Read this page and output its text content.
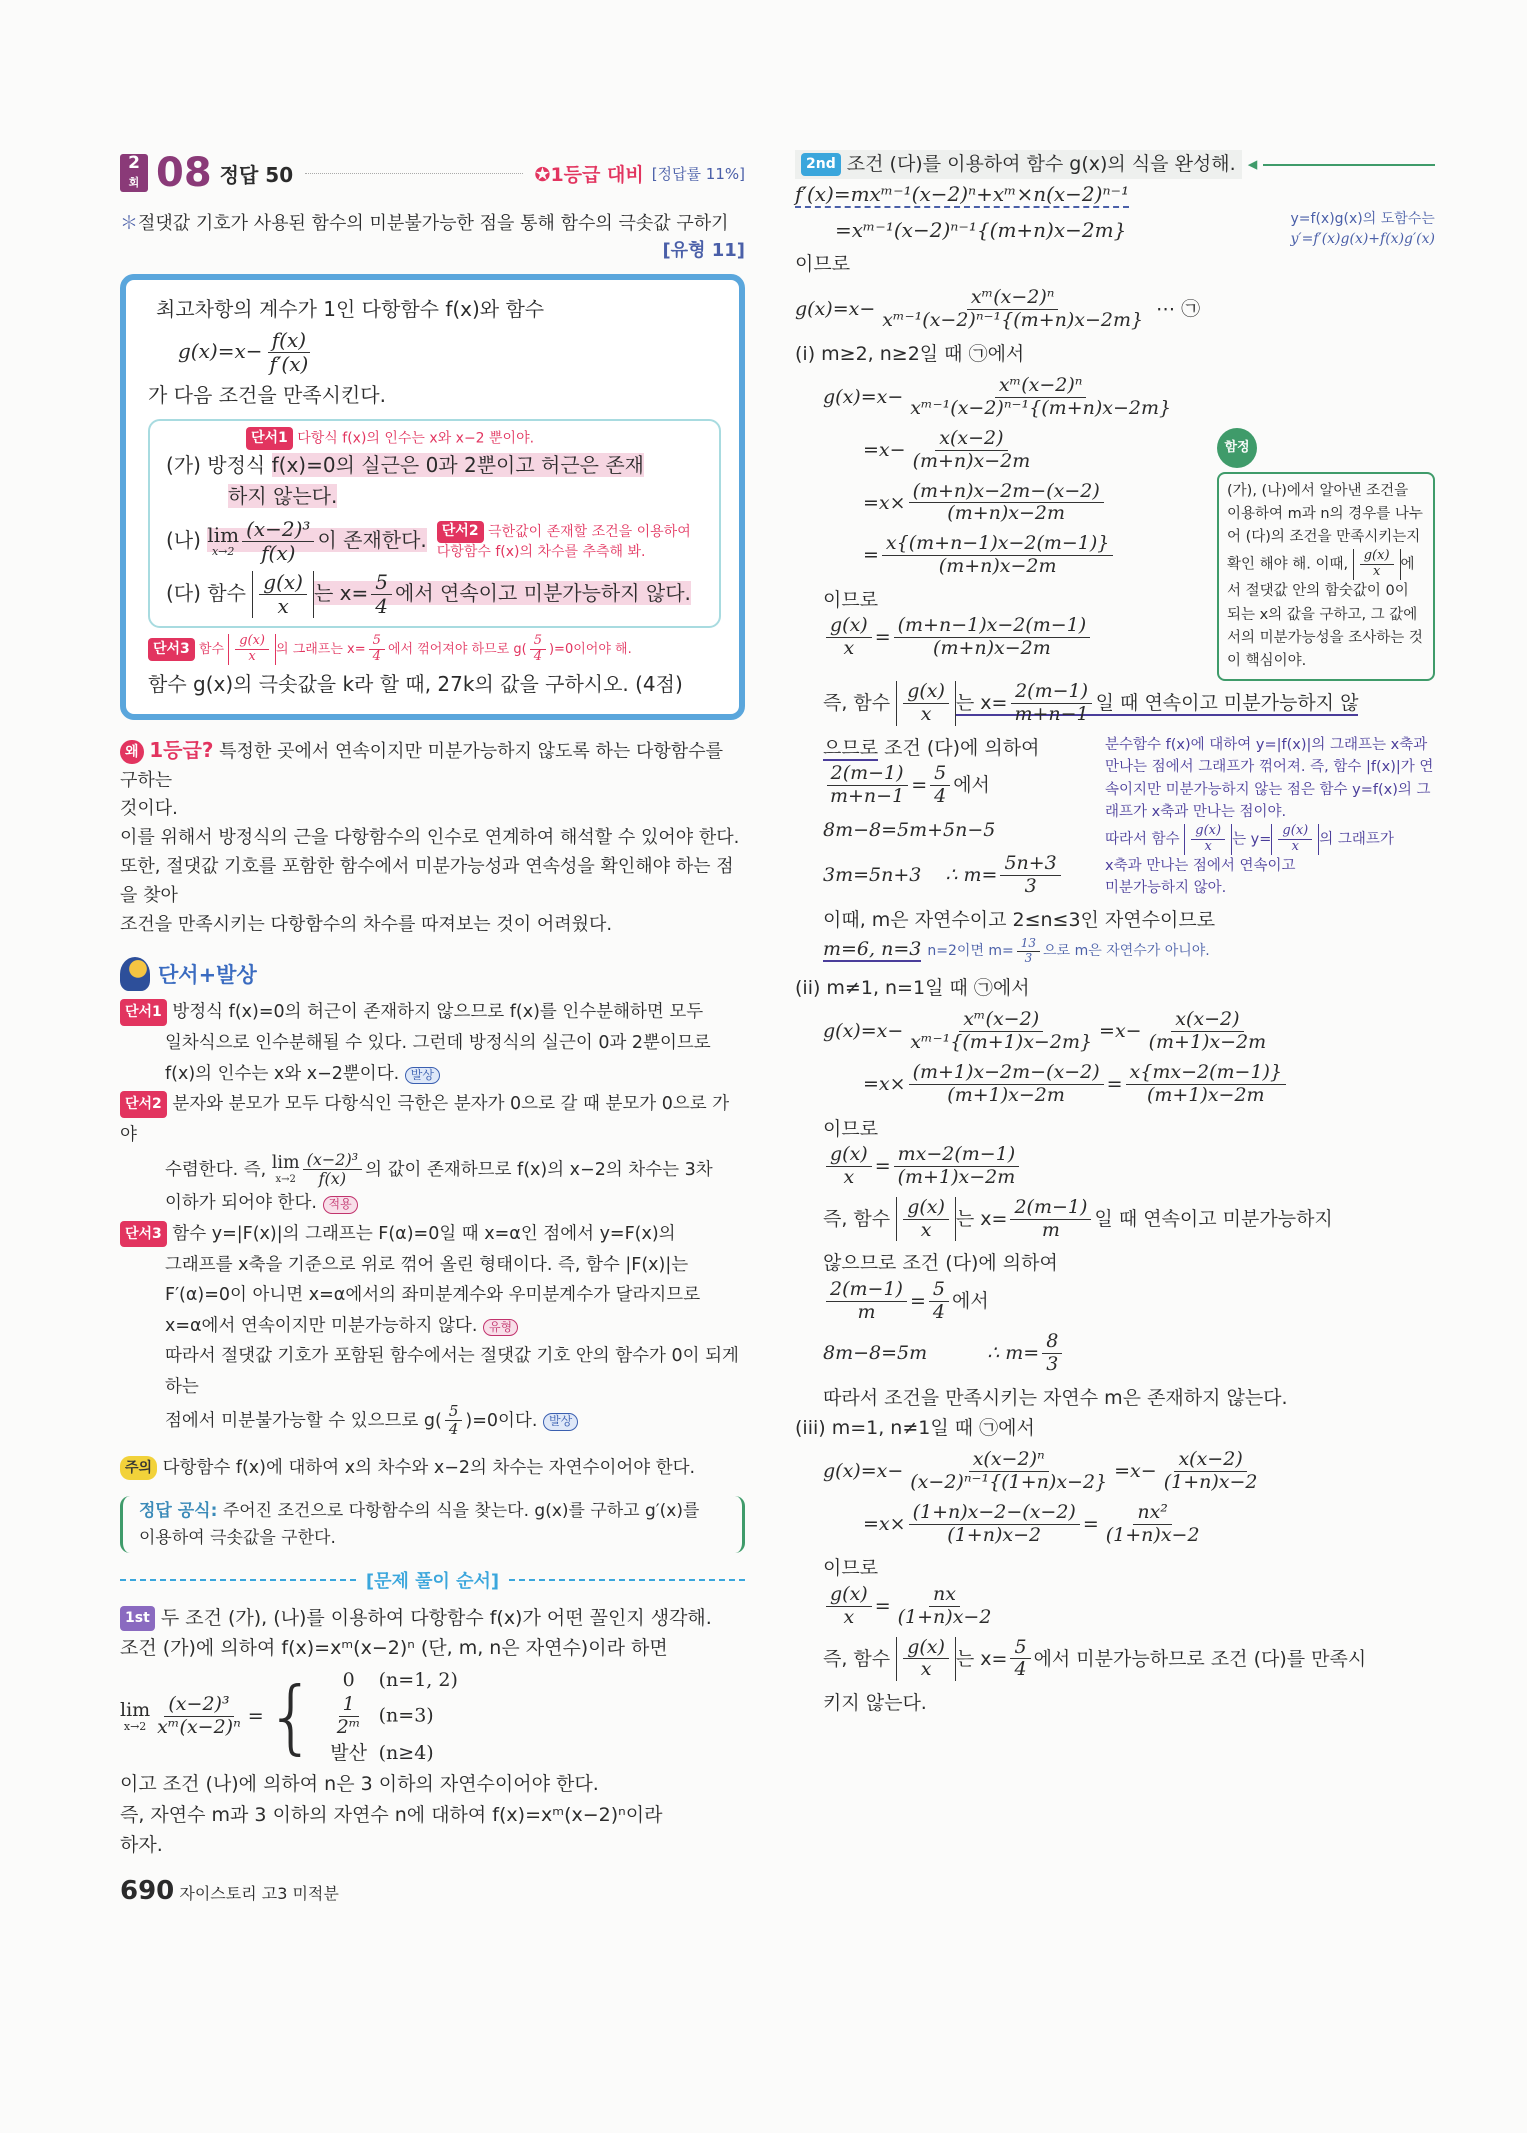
2
회 08 정답 50	✪1등급 대비 [정답률 11%]
＊절댓값 기호가 사용된 함수의 미분불가능한 점을 통해 함수의 극솟값 구하기
[유형 11]
최고차항의 계수가 1인 다항함수 f(x)와 함수
$g(x)=x- \frac{f(x)}{f'(x)}$
가 다음 조건을 만족시킨다.
단서1 다항식 f(x)의 인수는 x와 x−2 뿐이야.
(가) 방정식 f(x)=0의 실근은 0과 2뿐이고 허근은 존재
하지 않는다.
(나) lim
$x\to 2 \frac{\text{(x−2)³}}{f(x)}$ 이 존재한다.	단서2 극한값이 존재할 조건을 이용하여
다항함수 f(x)의 차수를 추측해 봐.
(다) 함수 $\frac{g(x)}{x}$ 는 $x= \frac{5}{4}$ 에서 연속이고 미분가능하지 않다.
단서3 함수 $\frac{g(x)}{x}$ 의 그래프는 $x= \frac{5}{4}$ 에서 꺾어져야 하므로 $g( \frac{5}{4} )=0$이어야 해.
함수 g(x)의 극솟값을 k라 할 때, 27k의 값을 구하시오. (4점)
왜 1등급? 특정한 곳에서 연속이지만 미분가능하지 않도록 하는 다항함수를 구하는
것이다.
이를 위해서 방정식의 근을 다항함수의 인수로 연계하여 해석할 수 있어야 한다.
또한, 절댓값 기호를 포함한 함수에서 미분가능성과 연속성을 확인해야 하는 점을 찾아
조건을 만족시키는 다항함수의 차수를 따져보는 것이 어려웠다.
단서+발상
단서1 방정식 f(x)=0의 허근이 존재하지 않으므로 f(x)를 인수분해하면 모두
일차식으로 인수분해될 수 있다. 그런데 방정식의 실근이 0과 2뿐이므로
f(x)의 인수는 x와 x−2뿐이다. 발상
단서2 분자와 분모가 모두 다항식인 극한은 분자가 0으로 갈 때 분모가 0으로 가야
수렴한다. 즉, lim
$x\to 2 \frac{\text{(x−2)³}}{f(x)}$ 의 값이 존재하므로 f(x)의 x−2의 차수는 3차
이하가 되어야 한다. 적용
단서3 함수 y=|F(x)|의 그래프는 F(α)=0일 때 x=α인 점에서 y=F(x)의
그래프를 x축을 기준으로 위로 꺾어 올린 형태이다. 즉, 함수 |F(x)|는
F′(α)=0이 아니면 x=α에서의 좌미분계수와 우미분계수가 달라지므로
x=α에서 연속이지만 미분가능하지 않다. 유형
따라서 절댓값 기호가 포함된 함수에서는 절댓값 기호 안의 함수가 0이 되게 하는
점에서 미분불가능할 수 있으므로 $g( \frac{5}{4} )=0$이다. 발상
주의 다항함수 f(x)에 대하여 x의 차수와 x−2의 차수는 자연수이어야 한다.
정답 공식: 주어진 조건으로 다항함수의 식을 찾는다. g(x)를 구하고 g′(x)를
이용하여 극솟값을 구한다.
[문제 풀이 순서]
1st 두 조건 (가), (나)를 이용하여 다항함수 f(x)가 어떤 꼴인지 생각해.
조건 (가)에 의하여 f(x)=xᵐ(x−2)ⁿ (단, m, n은 자연수)이라 하면
lim
$x\to 2 \frac{\text{(x−2)³}}{\text{xᵐ(x−2)ⁿ}}$ = {	0 (n=1, 2)
$\frac{1}{\text{2ᵐ}} (n=3)$
발산 (n≥4)
이고 조건 (나)에 의하여 n은 3 이하의 자연수이어야 한다.
즉, 자연수 m과 3 이하의 자연수 n에 대하여 f(x)=xᵐ(x−2)ⁿ이라
하자.
690 자이스토리 고3 미적분
2nd 조건 (다)를 이용하여 함수 g(x)의 식을 완성해. ◂
f′(x)=mxᵐ⁻¹(x−2)ⁿ+xᵐ×n(x−2)ⁿ⁻¹
=xᵐ⁻¹(x−2)ⁿ⁻¹{(m+n)x−2m}	y=f(x)g(x)의 도함수는
y′=f′(x)g(x)+f(x)g′(x)
이므로
$g(x)=x- \frac{\text{xᵐ(x−2)ⁿ}}{\text{xᵐ⁻¹(x−2)ⁿ⁻¹\{(m+n)x−2m\}}}$ ⋯ ㉠
(i) m≥2, n≥2일 때 ㉠에서
$g(x)=x- \frac{\text{xᵐ(x−2)ⁿ}}{\text{xᵐ⁻¹(x−2)ⁿ⁻¹\{(m+n)x−2m\}}}$
$=x- \frac{x(x-2)}{(m+n)x-2m}$
$=x\times \frac{(m+n)x-2m-(x-2)}{(m+n)x-2m}$
= $\frac{x\{(m+n-1)x-2(m-1)\}}{(m+n)x-2m}$
이므로
$\frac{g(x)}{x} = \frac{(m+n-1)x-2(m-1)}{(m+n)x-2m}$
함정
(가), (나)에서 알아낸 조건을 이용하여 m과 n의 경우를 나누어 (다)의 조건을 만족시키는지 확인 해야 해. 이때, $\frac{g(x)}{x}$ 에서 절댓값 안의 함숫값이 0이 되는 x의 값을 구하고, 그 값에서의 미분가능성을 조사하는 것이 핵심이야.
즉, 함수 $\frac{g(x)}{x}$ 는 $x= \frac{2(m-1)}{m+n-1}$ 일 때 연속이고 미분가능하지 않
으므로 조건 (다)에 의하여
$\frac{2(m-1)}{m+n-1} = \frac{5}{4}$ 에서
8m−8=5m+5n−5
3m=5n+3 ∴ $m= \frac{5n+3}{3}$
분수함수 f(x)에 대하여 y=|f(x)|의 그래프는 x축과 만나는 점에서 그래프가 꺾어져. 즉, 함수 |f(x)|가 연속이지만 미분가능하지 않는 점은 함수 y=f(x)의 그래프가 x축과 만나는 점이야.
따라서 함수 $\frac{g(x)}{x}$ 는 $y= \frac{g(x)}{x}$ 의 그래프가
x축과 만나는 점에서 연속이고
미분가능하지 않아.
이때, m은 자연수이고 2≤n≤3인 자연수이므로
m=6, n=3 n=2이면 $m= \frac{13}{3}$ 으로 m은 자연수가 아니야.
(ii) m≠1, n=1일 때 ㉠에서
$g(x)=x- \frac{\text{xᵐ(x−2)}}{\text{xᵐ⁻¹\{(m+1)x−2m\}}} =x- \frac{x(x-2)}{(m+1)x-2m}$
$=x\times \frac{(m+1)x-2m-(x-2)}{(m+1)x-2m} = \frac{x\{mx-2(m-1)\}}{(m+1)x-2m}$
이므로
$\frac{g(x)}{x} = \frac{mx-2(m-1)}{(m+1)x-2m}$
즉, 함수 $\frac{g(x)}{x}$ 는 $x= \frac{2(m-1)}{m}$ 일 때 연속이고 미분가능하지
않으므로 조건 (다)에 의하여
$\frac{2(m-1)}{m} = \frac{5}{4}$ 에서
8m−8=5m	∴ $m= \frac{8}{3}$
따라서 조건을 만족시키는 자연수 m은 존재하지 않는다.
(iii) m=1, n≠1일 때 ㉠에서
$g(x)=x- \frac{\text{x(x−2)ⁿ}}{\text{(x−2)ⁿ⁻¹\{(1+n)x−2\}}} =x- \frac{x(x-2)}{(1+n)x-2}$
$=x\times \frac{(1+n)x-2-(x-2)}{(1+n)x-2} = \frac{\text{nx²}}{(1+n)x-2}$
이므로
$\frac{g(x)}{x} = \frac{nx}{(1+n)x-2}$
즉, 함수 $\frac{g(x)}{x}$ 는 $x= \frac{5}{4}$ 에서 미분가능하므로 조건 (다)를 만족시
키지 않는다.
